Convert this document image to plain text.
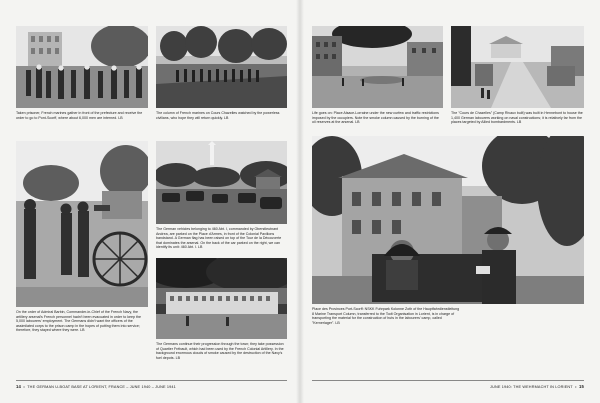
Taken prisoner, French marines gather in front of the prefecture and receive the order to go to Pont-Scorff, where about 6,000 men are interned. LB
The column of French marines on Cours Chazelles watched by the powerless civilians, who hope they will return quickly. LB
On the order of Admiral Barbin, Commander-in-Chief of the French Navy, the artillery arsenal's French personnel hadn't been evacuated in order to keep the 5,000 labourers' employment. The Germans didn't want the officers of the assimilated corps to the prison camp in the hopes of putting them into service; therefore, they stayed where they were. LB
The German vehicles belonging to 460 Abt. I, commanded by Oberstleutnant Andrea, are parked on the Place d'Armes, in front of the Colonial Pavilions bandstand. A German flag has been raised on top of the Tour de la Découverte that dominates the arsenal. On the back of the car parked on the right, we can identify its unit: 460 Abt. I. LB
The Germans continue their progression through the town; they take possession of Quartier Frébault, which had been used by the French Colonial Artillery. In the background enormous clouds of smoke caused by the destruction of the Navy's fuel depots. LB
14  •  THE GERMAN U-BOAT BASE AT LORIENT, FRANCE – JUNE 1940 – JUNE 1941
Life goes on: Place Alsace-Lorraine under the new curfew and traffic restrictions imposed by the occupiers. Note the smoke column caused by the burning of the oil reserves at the arsenal. LB
The "Cours de Chazelles" (Camp Rivaux built) was built in Hennebont to house the 1,400 German labourers working on naval constructions; it is relatively far from the places targeted by Allied bombardments. LB
Place des Provinces Port-Scorff: NSKK Fuhrpark Kolonne Zoth of the Hauptfahrdienstleitung 8 Marine Transport Column, transferred to the Todt Organisation in Lorient, is in charge of transporting the material for the construction of huts in the labourers' camp, called "Kernerlager". LB
JUNE 1940: THE WEHRMACHT IN LORIENT  •  15
